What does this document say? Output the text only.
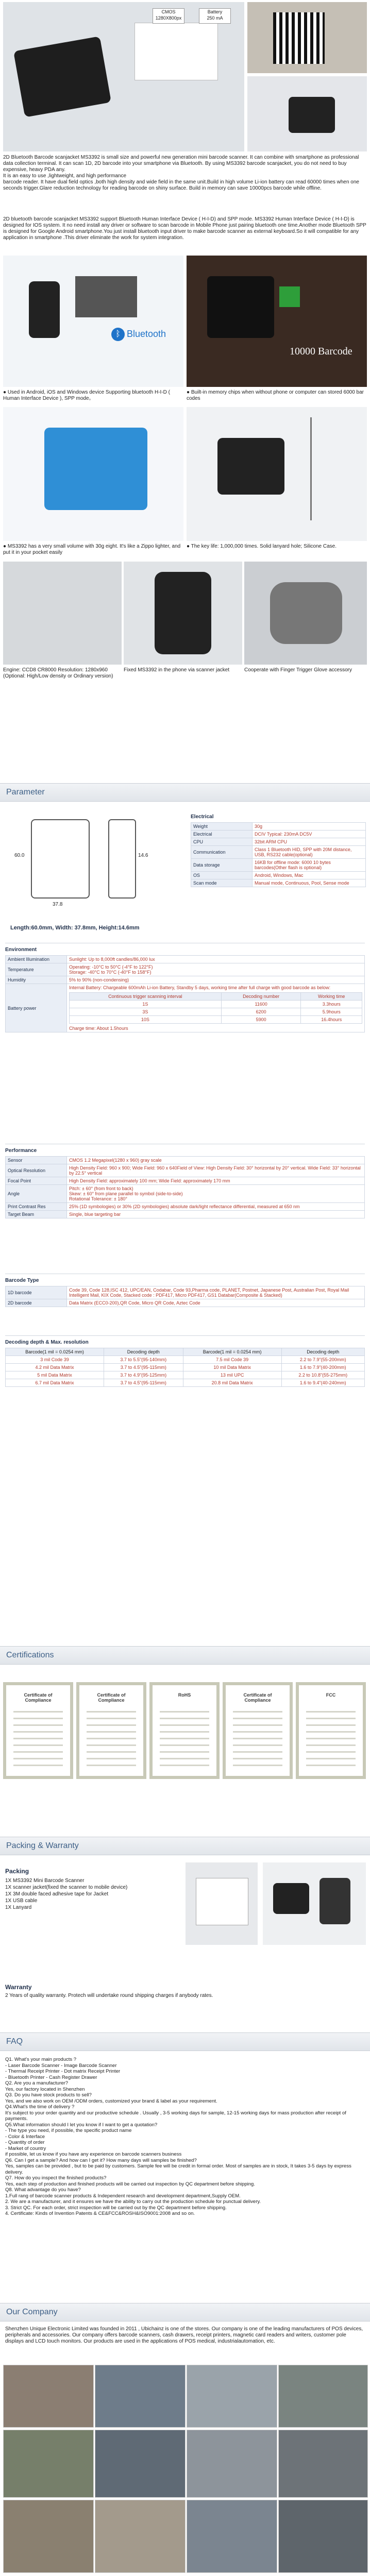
CMOS
1280X800px
Battery
250 mA
2D Bluetooth Barcode scanjacket MS3392 is small size and powerful new generation mini barcode scanner. It can combine with smartphone as professional data collection terminal. It can scan 1D, 2D barcode into your smartphone via Bluetooth. By using MS3392 barcode scanjacket, you do not need to buy expensive, heavy PDA any.
It is an easy to use ,lightweight, and high performance
barcode reader. It have dual field optics ,both high density and wide field in the same unit.Build in high volume Li-ion battery can read 60000 times when one seconds trigger.Glare reduction technology for reading barcode on shiny surface. Build in memory can save 10000pcs barcode while offline.
2D bluetooth barcode scanjacket MS3392 support Bluetooth Human Interface Device ( H-I-D) and SPP mode. MS3392 Human Interface Device ( H-I-D) is designed for IOS system. It no need install any driver or software to scan barcode in Mobile Phone just pairing bluetooth one time.Another mode Bluetooth SPP is designed for Google Android smartphone.You just install bluetooth input driver to make barcode scanner as external keyboard.So it will compatible for any application in smartphone .This driver eliminate the work for system integration.
ᛒ Bluetooth
10000 Barcode
● Used in Android, iOS and Windows device Supporting bluetooth H-I-D ( Human Interface Device ), SPP mode。
● Built-in memory chips when without phone or computer can stored 6000 bar codes
● MS3392 has a very small volume with 30g eight. It's like a Zippo lighter, and put it in your pocket easily
● The key life: 1,000,000 times. Solid lanyard hole; Silicone Case.
Engine: CCD8 CR8000 Resolution: 1280x960 (Optional: High/Low density or Ordinary version)
Fixed MS3392 in the phone via scanner jacket	Cooperate with Finger Trigger Glove accessory
Parameter
60.0	14.6
37.8
Length:60.0mm, Width: 37.8mm, Height:14.6mm
Electrical
Weight	30g
Electrical	DCIV Typical: 230mA DC5V
CPU	32bit ARM CPU
Communication	Class 1 Bluetooth HID, SPP with 20M distance, USB, RS232 cable(optional)
Data storage	16KB for offline mode: 6000 10 bytes barcodes(Other flash is optional)
OS	Android, Windows, Mac
Scan mode	Manual mode, Continuous, Pool, Sense mode
Environment
Ambient Illumination	Sunlight: Up to 8,000ft candles/86,000 lux
Temperature	Operating: -10°C to 50°C (-4°F to 122°F)
Storage: -40°C to 70°C (-40°F to 158°F)
Humidity	5% to 90% (non-condensing)
Battery power	
Internal Battery: Chargeable 600mAh Li-ion Battery, Standby 5 days, working time after full charge with good barcode as below:
Continuous trigger scanning interval	Decoding number	Working time
1S	11600	3.3hours
3S	6200	5.9hours
10S	5900	16.4hours
Charge time: About 1.5hours
Performance
Sensor	CMOS 1.2 Megapixel(1280 x 960) gray scale
Optical Resolution	High Density Field: 960 x 900; Wide Field: 960 x 640Field of View: High Density Field: 30° horizontal by 20° vertical. Wide Field: 33° horizontal by 22.5° vertical
Focal Point	High Density Field: approximately 100 mm; Wide Field: approximately 170 mm
Angle	Pitch: ± 60° (from front to back)
Skew: ± 60° from plane parallel to symbol (side-to-side)
Rotational Tolerance: ± 180°
Print Contrast Res	25% (1D symbologies) or 30% (2D symbologies) absolute dark/light reflectance differential, measured at 650 nm
Target Beam	Single, blue targeting bar
Barcode Type
1D barcode	Code 39, Code 128,ISC 412, UPC/EAN, Codabar, Code 93,Pharma code, PLANET, Postnet, Japanese Post, Australian Post, Royal Mail Intelligent Mail, KIX Code, Stacked code : PDF417, Micro PDF417, GS1 Databar(Composite & Stacked)
2D barcode	Data Matrix (ECC0-200),QR Code, Micro QR Code, Aztec Code
Decoding depth & Max. resolution
Barcode(1 mil = 0.0254 mm)	Decoding depth	Barcode(1 mil = 0.0254 mm)	Decoding depth
3 mil Code 39	3.7 to 5.5"(95-140mm)	7.5 mil Code 39	2.2 to 7.9"(55-200mm)
4.2 mil Data Matrix	3.7 to 4.5"(95-115mm)	10 mil Data Matrix	1.6 to 7.9"(40-200mm)
5 mil Data Matrix	3.7 to 4.9"(95-125mm)	13 mil UPC	2.2 to 10.8"(55-275mm)
6.7 mil Data Matrix	3.7 to 4.5"(95-115mm)	20.8 mil Data Matrix	1.6 to 9.4"(40-240mm)
Certifications
Certificate of Compliance
Certificate of Compliance
RoHS	Certificate of Compliance
FCC
Packing & Warranty
Packing
1X MS3392 Mini Barcode Scanner
1X scanner jacket(fixed the scanner to mobile device)
1X 3M double faced adhesive tape for Jacket
1X USB cable
1X Lanyard
Warranty
2 Years of quality warranty. Protech will undertake round shipping charges if anybody rates.
FAQ
Q1. What's your main products ?
- Laser Barcode Scanner - Image Barcode Scanner
- Thermal Receipt Printer - Dot matrix Receipt Printer
- Bluetooth Printer - Cash Register Drawer
Q2. Are you a manufacturer?
Yes, our factory located in Shenzhen
Q3. Do you have stock products to sell?
Yes, and we also work on OEM /ODM orders, customized your brand & label as your requirement.
Q4.What's the time of delivery ?
It's subject to your order quantity and our productive schedule . Usually , 3-5 working days for sample, 12-15 working days for mass production after receipt of payments.
Q5.What information should I let you know if I want to get a quotation?
- The type you need, if possible, the specific product name
- Color & Interface
- Quantity of order
- Market of country
if possible, let us know if you have any experience on barcode scanners business
Q6. Can I get a sample? And how can I get it? How many days will samples be finished?
Yes, samples can be provided , but to be paid by customers. Sample fee will be credit in formal order. Most of samples are in stock, It takes 3-5 days by express delivery.
Q7. How do you inspect the finished products?
Yes, each step of production and finished products will be carried out inspection by QC department before shipping.
Q8. What advantage do you have?
1.Full rang of barcode scanner products & Independent research and development department,Supply OEM.
2. We are a manufacturer, and it ensures we have the ability to carry out the production schedule for punctual delivery.
3. Strict QC. For each order, strict inspection will be carried out by the QC department before shipping.
4. Certificate: Kinds of Invention Patents & CE&FCC&ROSH&ISO9001:2008 and so on.
Our Company
Shenzhen Unique Electronic Limited was founded in 2011 , Ubichainz is one of the stores. Our company is one of the leading manufacturers of POS devices, peripherals and accessories. Our company offers barcode scanners, cash drawers, receipt printers, magnetic card readers and writers, customer pole displays and LCD touch monitors. Our products are used in the applications of POS medical, industrialautomation, etc.
